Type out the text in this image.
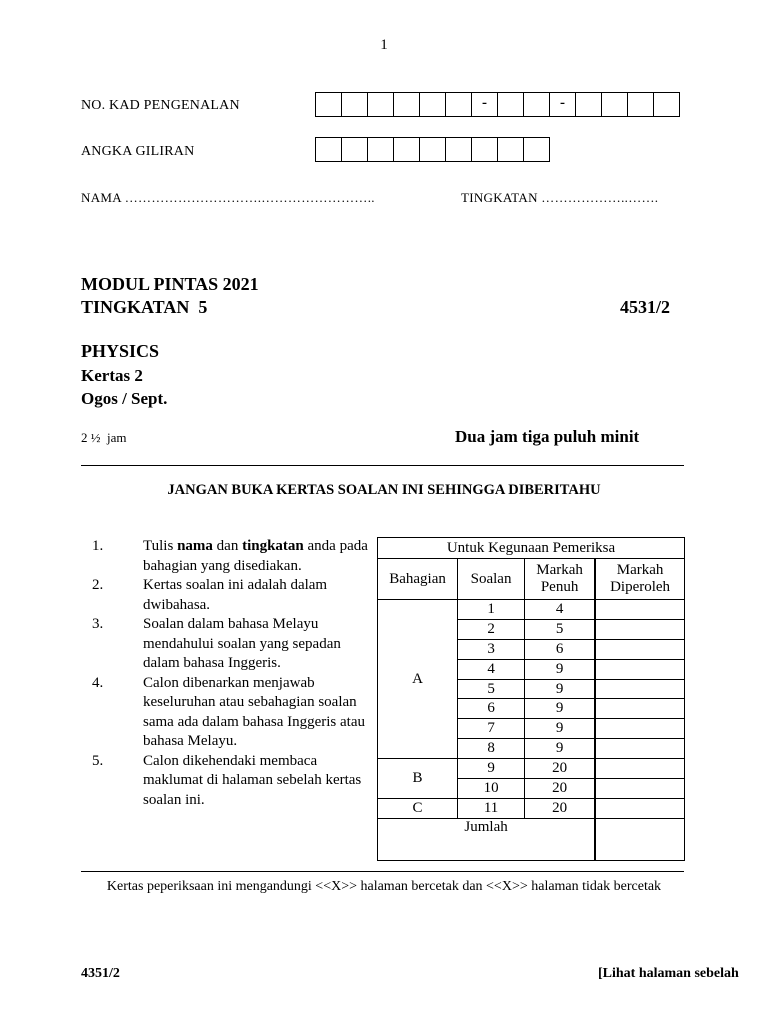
1
NO. KAD PENGENALAN	-	-
ANGKA GILIRAN
NAMA ………………………….……………………..	TINGKATAN ………………..…….
MODUL PINTAS 2021
TINGKATAN  5	4531/2
PHYSICS
Kertas 2
Ogos / Sept.
2 ½  jam	Dua jam tiga puluh minit
JANGAN BUKA KERTAS SOALAN INI SEHINGGA DIBERITAHU
1.	Tulis nama dan tingkatan anda pada bahagian yang disediakan.
2.	Kertas soalan ini adalah dalam dwibahasa.
3.	Soalan dalam bahasa Melayu mendahului soalan yang sepadan dalam bahasa Inggeris.
4.	Calon dibenarkan menjawab keseluruhan atau sebahagian soalan sama ada dalam bahasa Inggeris atau bahasa Melayu.
5.	Calon dikehendaki membaca maklumat di halaman sebelah kertas soalan ini.
Untuk Kegunaan Pemeriksa			
Bahagian	Soalan	Markah Penuh	Markah Diperoleh
A	1	4	
	2	5	
	3	6	
	4	9	
	5	9	
	6	9	
	7	9	
	8	9	
B	9	20	
	10	20	
C	11	20	
Jumlah			
Kertas peperiksaan ini mengandungi <<X>> halaman bercetak dan <<X>> halaman tidak bercetak
4351/2	[Lihat halaman sebelah
